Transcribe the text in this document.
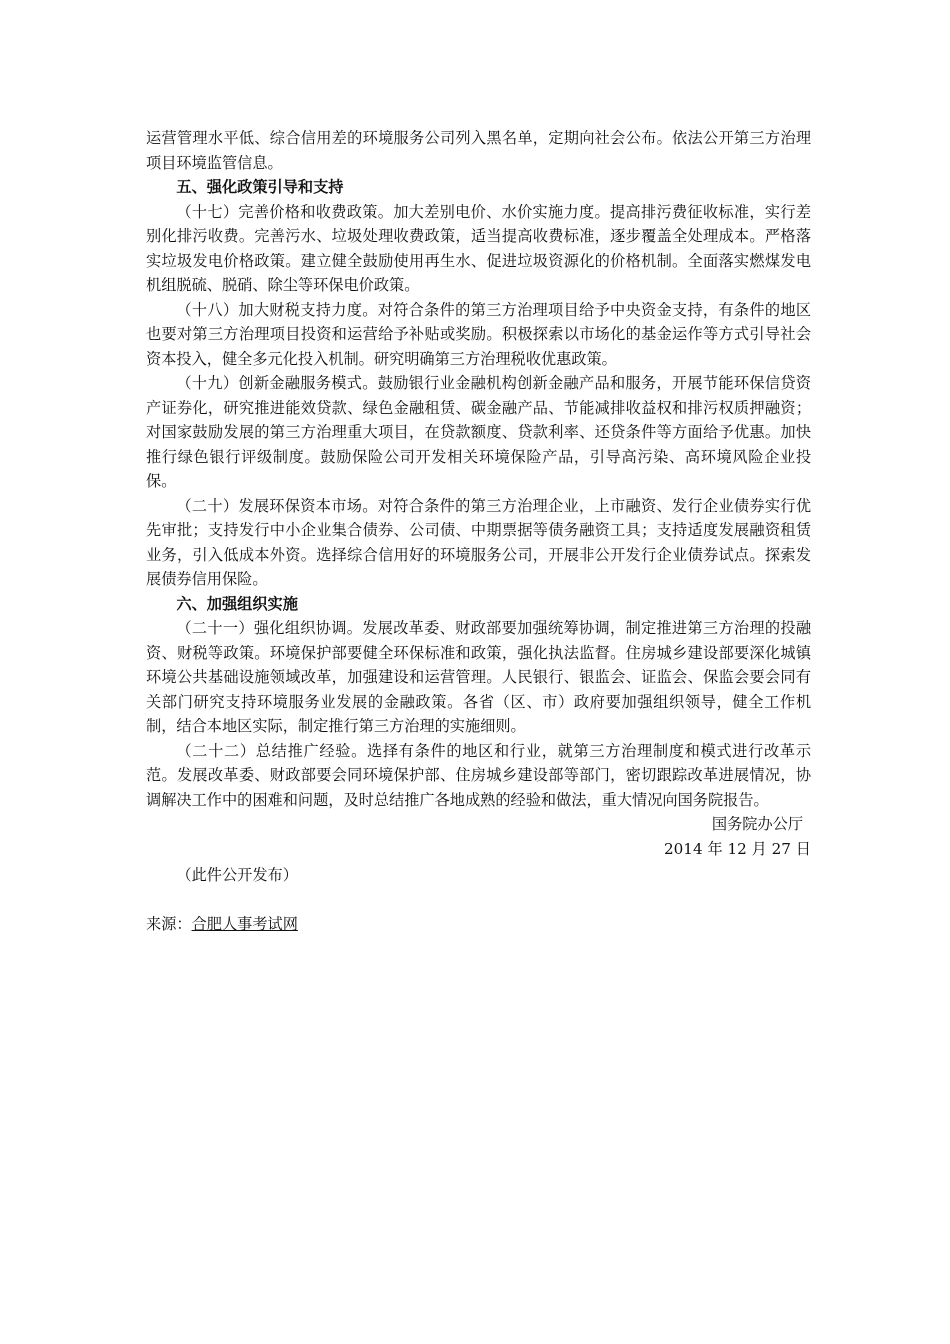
运营管理水平低、综合信用差的环境服务公司列入黑名单，定期向社会公布。依法公开第三方治理项目环境监管信息。

五、强化政策引导和支持

（十七）完善价格和收费政策。加大差别电价、水价实施力度。提高排污费征收标准，实行差别化排污收费。完善污水、垃圾处理收费政策，适当提高收费标准，逐步覆盖全处理成本。严格落实垃圾发电价格政策。建立健全鼓励使用再生水、促进垃圾资源化的价格机制。全面落实燃煤发电机组脱硫、脱硝、除尘等环保电价政策。

（十八）加大财税支持力度。对符合条件的第三方治理项目给予中央资金支持，有条件的地区也要对第三方治理项目投资和运营给予补贴或奖励。积极探索以市场化的基金运作等方式引导社会资本投入，健全多元化投入机制。研究明确第三方治理税收优惠政策。

（十九）创新金融服务模式。鼓励银行业金融机构创新金融产品和服务，开展节能环保信贷资产证券化，研究推进能效贷款、绿色金融租赁、碳金融产品、节能减排收益权和排污权质押融资；对国家鼓励发展的第三方治理重大项目，在贷款额度、贷款利率、还贷条件等方面给予优惠。加快推行绿色银行评级制度。鼓励保险公司开发相关环境保险产品，引导高污染、高环境风险企业投保。

（二十）发展环保资本市场。对符合条件的第三方治理企业，上市融资、发行企业债券实行优先审批；支持发行中小企业集合债券、公司债、中期票据等债务融资工具；支持适度发展融资租赁业务，引入低成本外资。选择综合信用好的环境服务公司，开展非公开发行企业债券试点。探索发展债券信用保险。

六、加强组织实施

（二十一）强化组织协调。发展改革委、财政部要加强统筹协调，制定推进第三方治理的投融资、财税等政策。环境保护部要健全环保标准和政策，强化执法监督。住房城乡建设部要深化城镇环境公共基础设施领域改革，加强建设和运营管理。人民银行、银监会、证监会、保监会要会同有关部门研究支持环境服务业发展的金融政策。各省（区、市）政府要加强组织领导，健全工作机制，结合本地区实际，制定推行第三方治理的实施细则。

（二十二）总结推广经验。选择有条件的地区和行业，就第三方治理制度和模式进行改革示范。发展改革委、财政部要会同环境保护部、住房城乡建设部等部门，密切跟踪改革进展情况，协调解决工作中的困难和问题，及时总结推广各地成熟的经验和做法，重大情况向国务院报告。

国务院办公厅

2014 年 12 月 27 日

（此件公开发布）

来源：合肥人事考试网
